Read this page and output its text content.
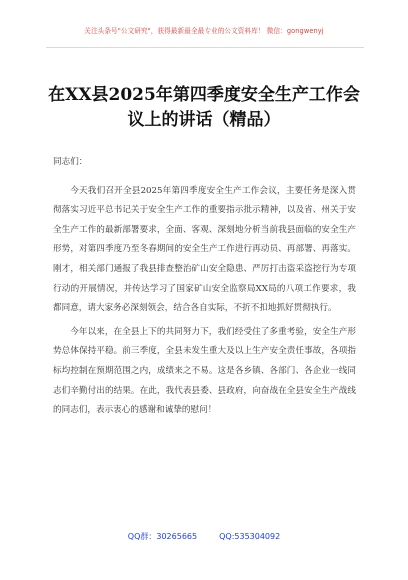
关注头条号"公文研究"，获得最新最全最专业的公文资料库！ 微信：gongwenyj
在XX县2025年第四季度安全生产工作会
议上的讲话（精品）

同志们：

今天我们召开全县2025年第四季度安全生产工作会议，主要任务是深入贯彻落实习近平总书记关于安全生产工作的重要指示批示精神，以及省、州关于安全生产工作的最新部署要求，全面、客观、深刻地分析当前我县面临的安全生产形势，对第四季度乃至冬春期间的安全生产工作进行再动员、再部署、再落实。刚才，相关部门通报了我县排查整治矿山安全隐患、严厉打击盗采盗挖行为专项行动的开展情况，并传达学习了国家矿山安全监察局XX局的八项工作要求，我都同意，请大家务必深刻领会，结合各自实际，不折不扣地抓好贯彻执行。

今年以来，在全县上下的共同努力下，我们经受住了多重考验，安全生产形势总体保持平稳。前三季度，全县未发生重大及以上生产安全责任事故，各项指标均控制在预期范围之内，成绩来之不易。这是各乡镇、各部门、各企业一线同志们辛勤付出的结果。在此，我代表县委、县政府，向奋战在全县安全生产战线的同志们，表示衷心的感谢和诚挚的慰问！

QQ群：30265665	QQ:535304092
